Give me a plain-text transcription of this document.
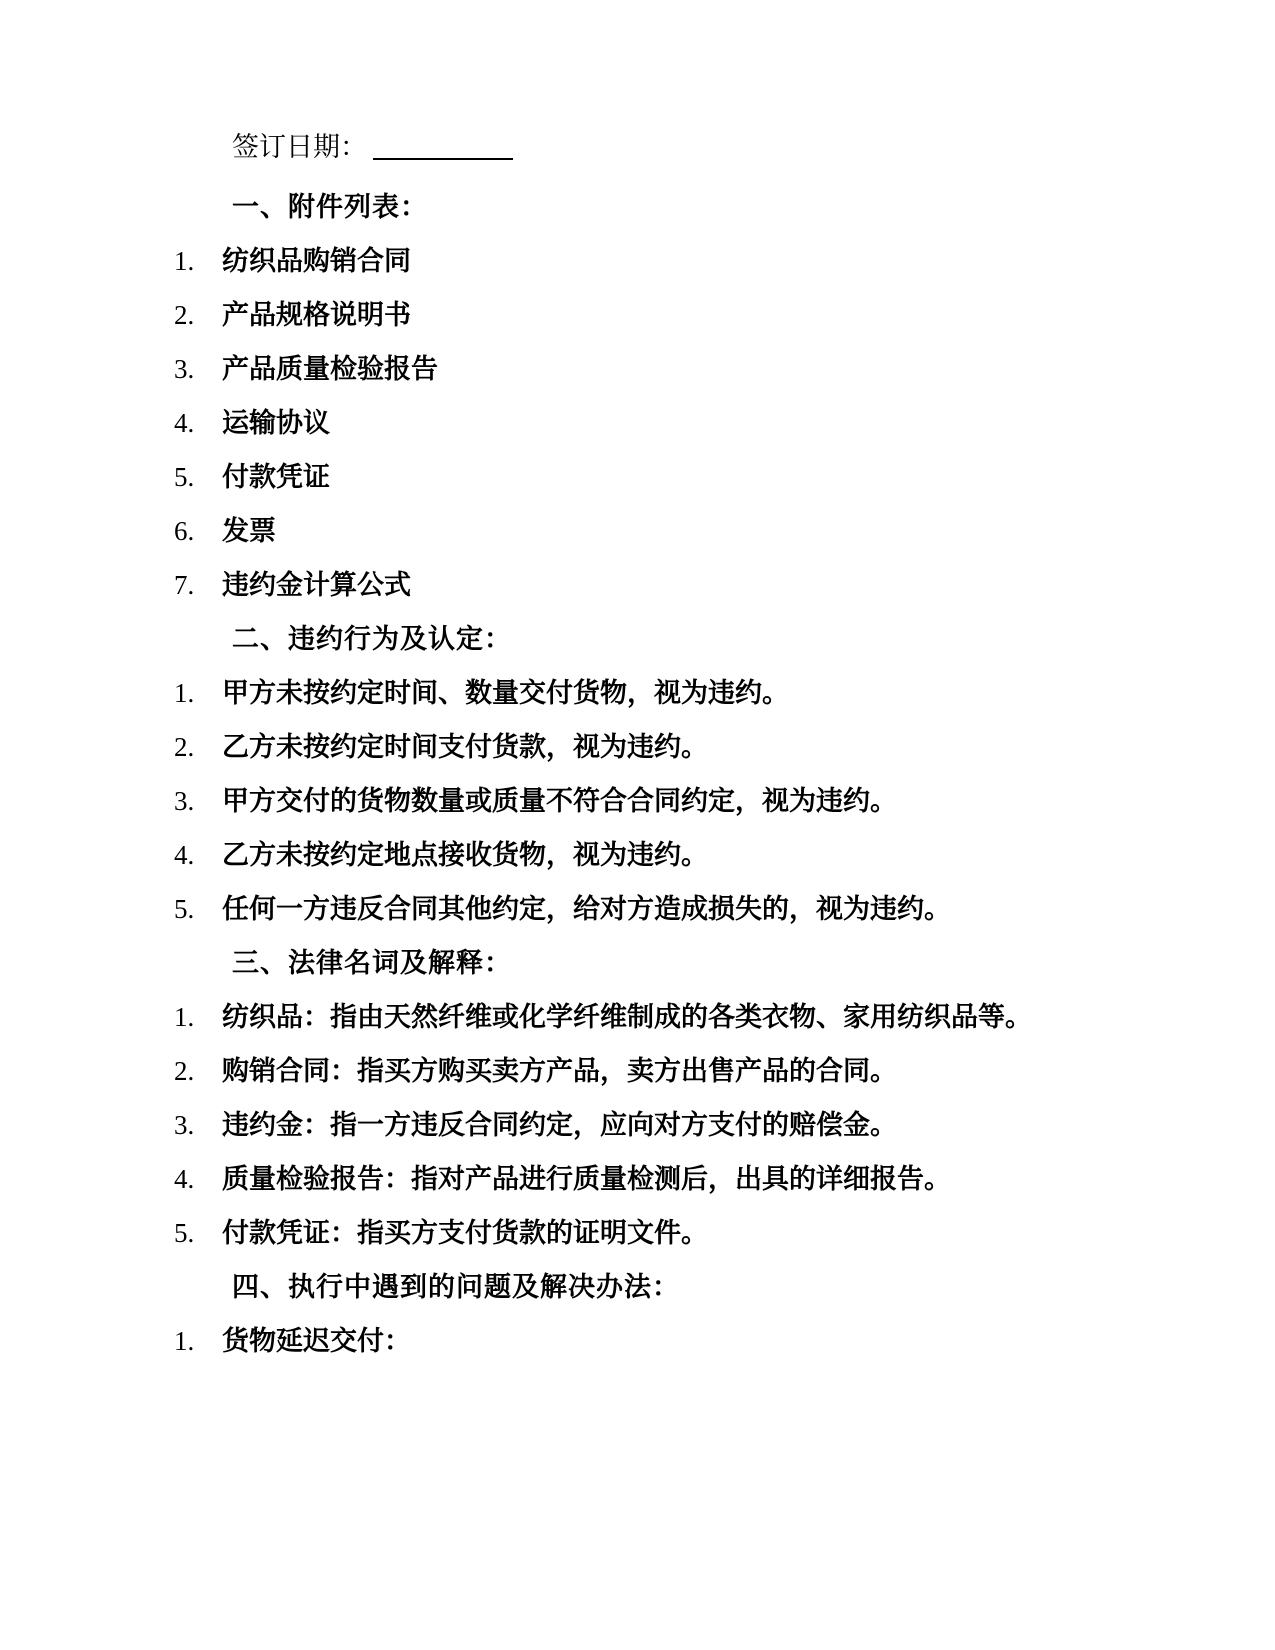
签订日期：

一、附件列表：

1.	纺织品购销合同
2.	产品规格说明书
3.	产品质量检验报告
4.	运输协议
5.	付款凭证
6.	发票
7.	违约金计算公式

二、违约行为及认定：

1.	甲方未按约定时间、数量交付货物，视为违约。
2.	乙方未按约定时间支付货款，视为违约。
3.	甲方交付的货物数量或质量不符合合同约定，视为违约。
4.	乙方未按约定地点接收货物，视为违约。
5.	任何一方违反合同其他约定，给对方造成损失的，视为违约。

三、法律名词及解释：

1.	纺织品：指由天然纤维或化学纤维制成的各类衣物、家用纺织品等。
2.	购销合同：指买方购买卖方产品，卖方出售产品的合同。
3.	违约金：指一方违反合同约定，应向对方支付的赔偿金。
4.	质量检验报告：指对产品进行质量检测后，出具的详细报告。
5.	付款凭证：指买方支付货款的证明文件。

四、执行中遇到的问题及解决办法：

1.	货物延迟交付：
